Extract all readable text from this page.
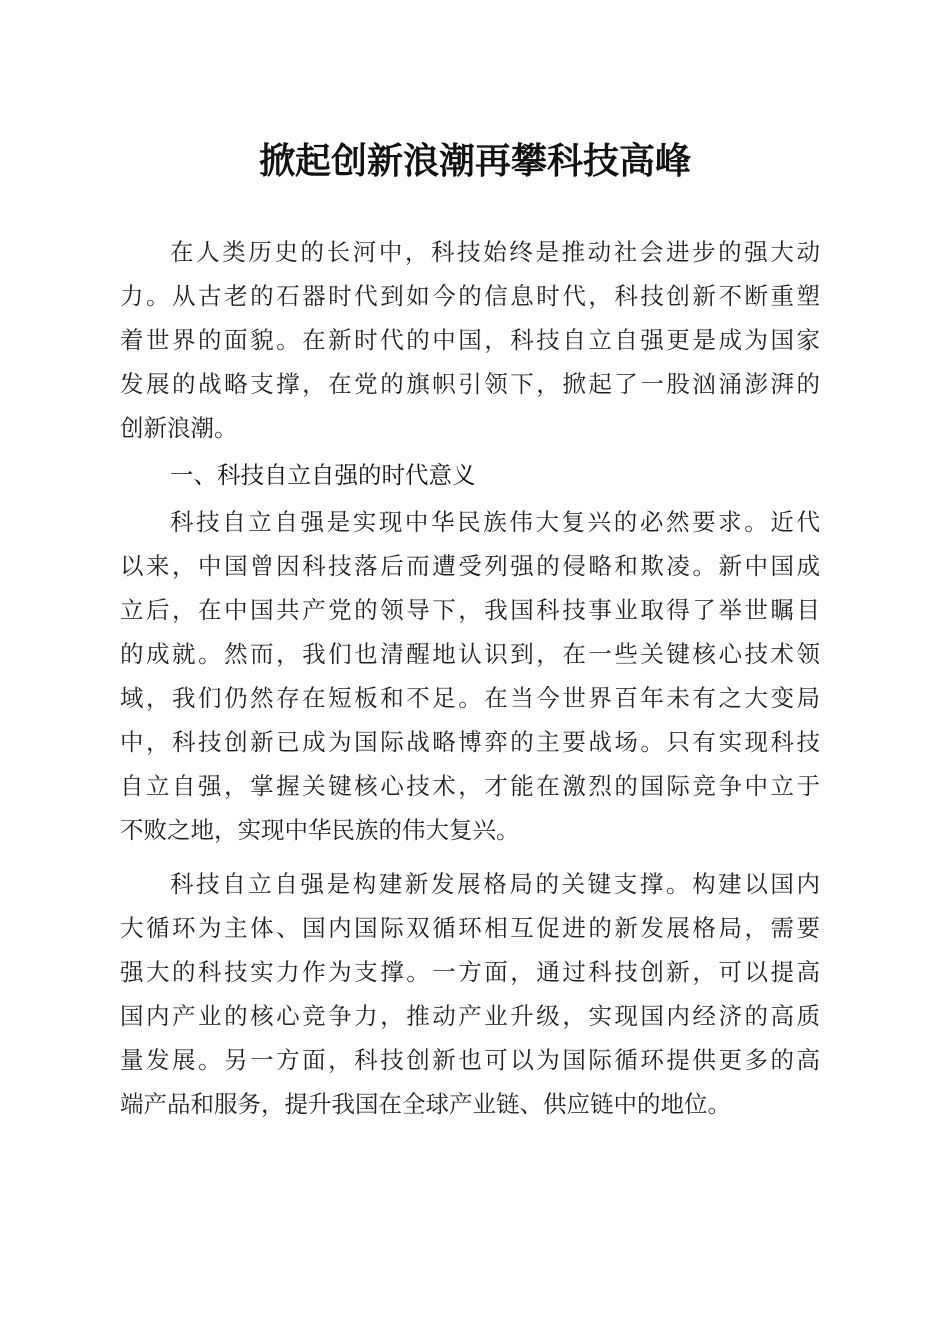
掀起创新浪潮再攀科技高峰
在人类历史的长河中，科技始终是推动社会进步的强大动
力。从古老的石器时代到如今的信息时代，科技创新不断重塑
着世界的面貌。在新时代的中国，科技自立自强更是成为国家
发展的战略支撑，在党的旗帜引领下，掀起了一股汹涌澎湃的
创新浪潮。
一、科技自立自强的时代意义
科技自立自强是实现中华民族伟大复兴的必然要求。近代
以来，中国曾因科技落后而遭受列强的侵略和欺凌。新中国成
立后，在中国共产党的领导下，我国科技事业取得了举世瞩目
的成就。然而，我们也清醒地认识到，在一些关键核心技术领
域，我们仍然存在短板和不足。在当今世界百年未有之大变局
中，科技创新已成为国际战略博弈的主要战场。只有实现科技
自立自强，掌握关键核心技术，才能在激烈的国际竞争中立于
不败之地，实现中华民族的伟大复兴。
科技自立自强是构建新发展格局的关键支撑。构建以国内
大循环为主体、国内国际双循环相互促进的新发展格局，需要
强大的科技实力作为支撑。一方面，通过科技创新，可以提高
国内产业的核心竞争力，推动产业升级，实现国内经济的高质
量发展。另一方面，科技创新也可以为国际循环提供更多的高
端产品和服务，提升我国在全球产业链、供应链中的地位。
